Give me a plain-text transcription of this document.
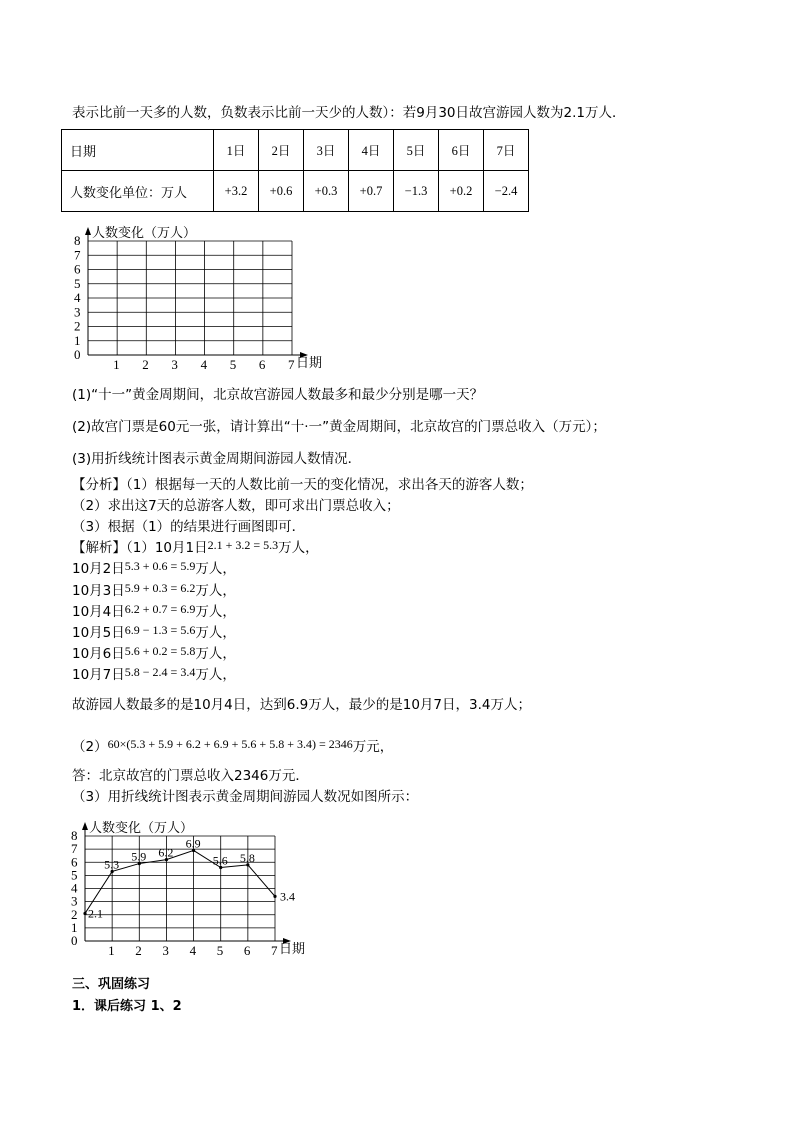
表示比前一天多的人数，负数表示比前一天少的人数）：若9月30日故宫游园人数为2.1万人．
日期	1日	2日	3日	4日	5日	6日	7日
人数变化单位：万人	+3.2	+0.6	+0.3	+0.7	−1.3	+0.2	−2.4
0
1
2
3
4
5
6
7
8
1 2 3 4 5 6 7
人数变化（万人）
日期
(1)“十一”黄金周期间，北京故宫游园人数最多和最少分别是哪一天？
(2)故宫门票是60元一张，请计算出“十·一”黄金周期间，北京故宫的门票总收入（万元）；
(3)用折线统计图表示黄金周期间游园人数情况．
【分析】（1）根据每一天的人数比前一天的变化情况，求出各天的游客人数；
（2）求出这7天的总游客人数，即可求出门票总收入；
（3）根据（1）的结果进行画图即可．
【解析】（1）10月1日2.1 + 3.2 = 5.3万人，
10月2日5.3 + 0.6 = 5.9万人，
10月3日5.9 + 0.3 = 6.2万人，
10月4日6.2 + 0.7 = 6.9万人，
10月5日6.9 − 1.3 = 5.6万人，
10月6日5.6 + 0.2 = 5.8万人，
10月7日5.8 − 2.4 = 3.4万人，
故游园人数最多的是10月4日，达到6.9万人，最少的是10月7日，3.4万人；
（2）60×(5.3 + 5.9 + 6.2 + 6.9 + 5.6 + 5.8 + 3.4) = 2346万元，
答：北京故宫的门票总收入2346万元．
（3）用折线统计图表示黄金周期间游园人数况如图所示：
0
1
2
3
4
5
6
7
8
1 2 3 4 5 6 7
人数变化（万人）
日期
2.1
5.3
5.9 6.2
6.9
5.6 5.8
3.4
三、巩固练习
1．课后练习 1、2
